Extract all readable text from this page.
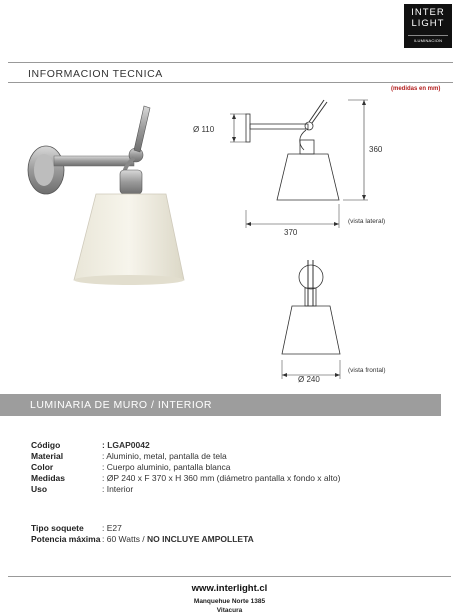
INTER
LIGHT
ILUMINACION
INFORMACION TECNICA
(medidas en mm)
Ø 110
360
370
(vista lateral)
Ø 240
(vista frontal)
LUMINARIA DE MURO / INTERIOR
Código	: LGAP0042
Material	: Aluminio, metal, pantalla de tela
Color	: Cuerpo aluminio, pantalla blanca
Medidas	: ØP 240 x F 370 x H 360 mm (diámetro pantalla x fondo x alto)
Uso	: Interior
Tipo soquete : E27
Potencia máxima : 60 Watts / NO INCLUYE AMPOLLETA
www.interlight.cl
Manquehue Norte 1385
Vitacura
